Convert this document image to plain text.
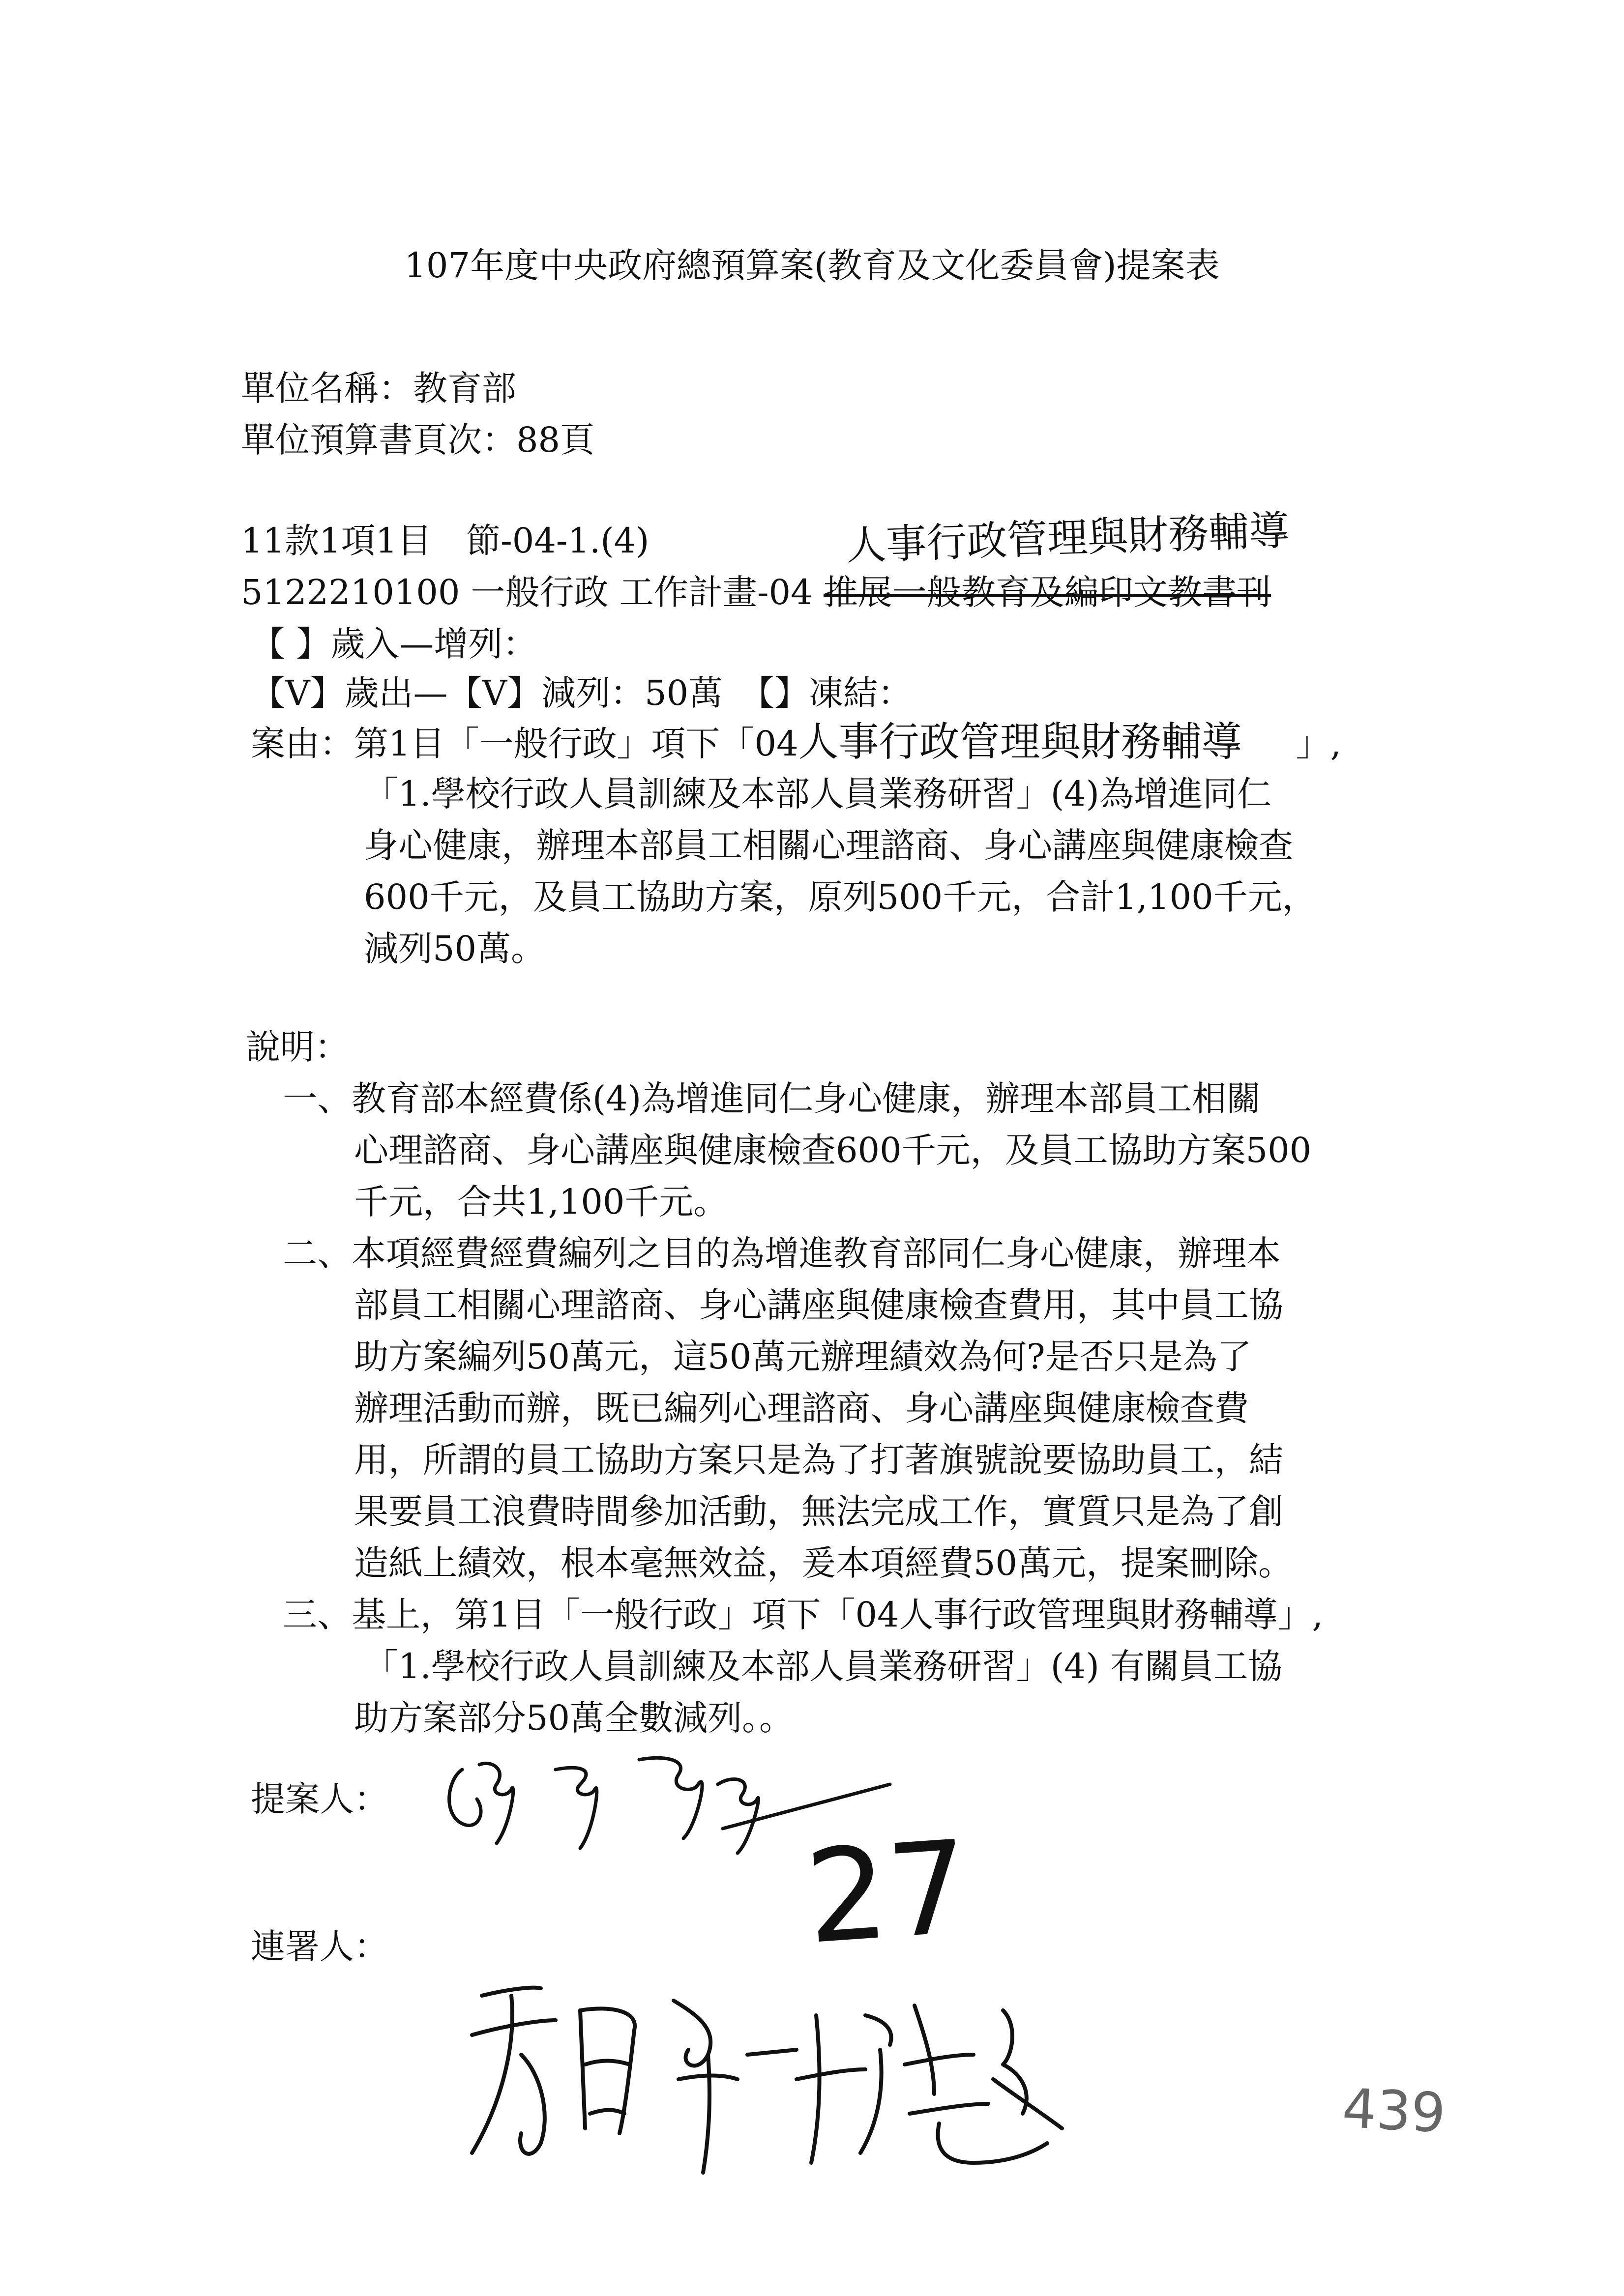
107年度中央政府總預算案(教育及文化委員會)提案表
單位名稱：教育部
單位預算書頁次：88頁
11款1項1目　節-04-1.(4)	人事行政管理與財務輔導
5122210100 一般行政 工作計畫-04 推展一般教育及編印文教書刊
【 】歲入—增列：
【V】歲出—【V】減列：50萬　【】凍結：
案由：第1目「一般行政」項下「04人事行政管理與財務輔導 」,
「1.學校行政人員訓練及本部人員業務研習」(4)為增進同仁
身心健康，辦理本部員工相關心理諮商、身心講座與健康檢查
600千元，及員工協助方案，原列500千元，合計1,100千元，
減列50萬。
說明：
一、教育部本經費係(4)為增進同仁身心健康，辦理本部員工相關
心理諮商、身心講座與健康檢查600千元，及員工協助方案500
千元，合共1,100千元。
二、本項經費經費編列之目的為增進教育部同仁身心健康，辦理本
部員工相關心理諮商、身心講座與健康檢查費用，其中員工協
助方案編列50萬元，這50萬元辦理績效為何?是否只是為了
辦理活動而辦，既已編列心理諮商、身心講座與健康檢查費
用，所謂的員工協助方案只是為了打著旗號說要協助員工，結
果要員工浪費時間參加活動，無法完成工作，實質只是為了創
造紙上績效，根本毫無效益，爰本項經費50萬元，提案刪除。
三、基上，第1目「一般行政」項下「04人事行政管理與財務輔導」,
「1.學校行政人員訓練及本部人員業務研習」(4) 有關員工協
助方案部分50萬全數減列。。
提案人：
連署人：	27
439
